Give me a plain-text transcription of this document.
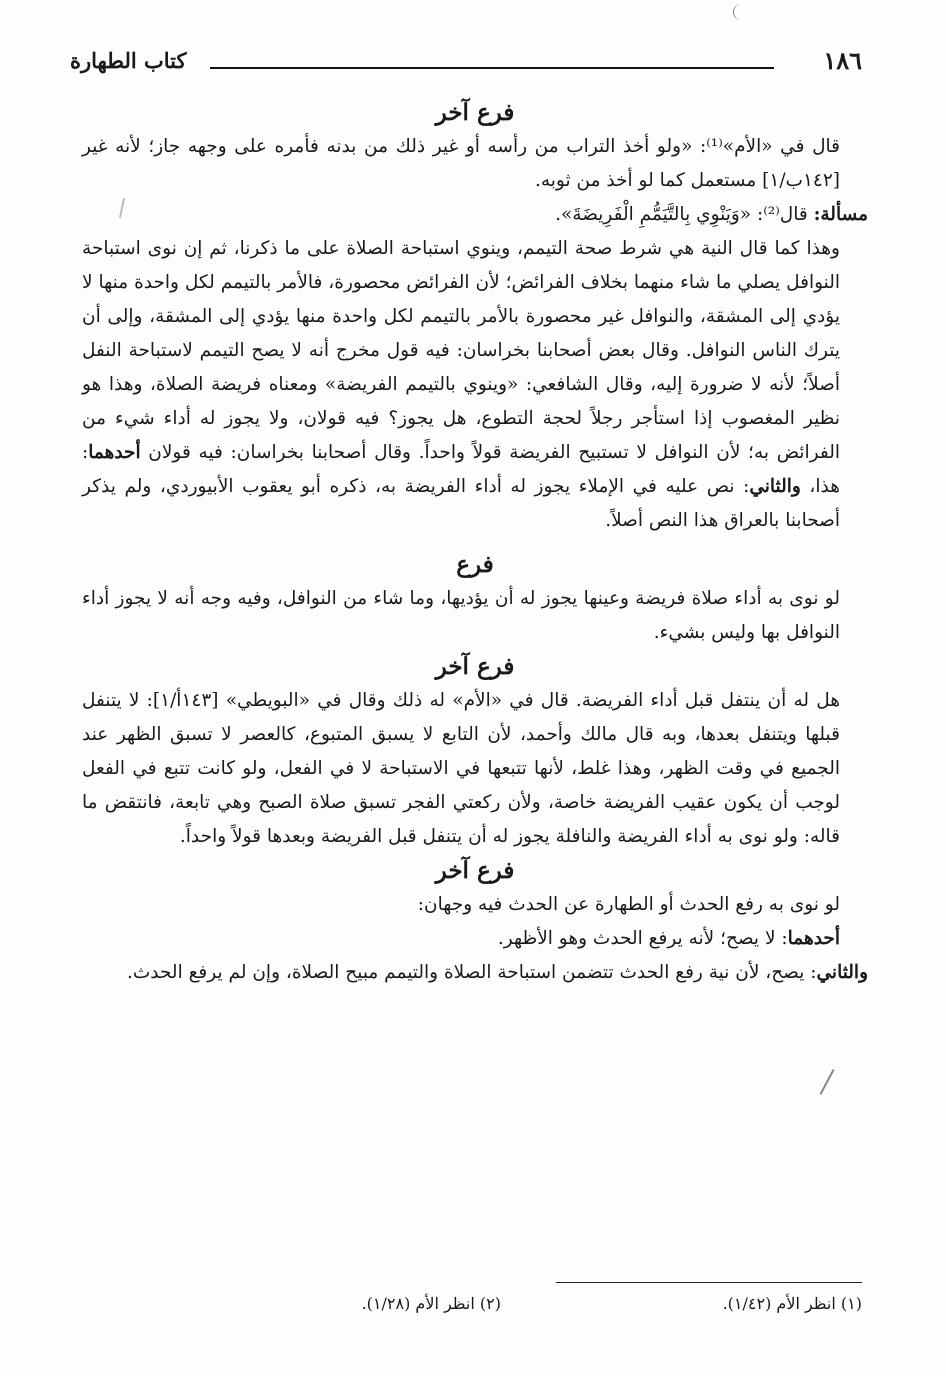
١٨٦
كتاب الطهارة
فرع آخر

قال في «الأم»⁽¹⁾: «ولو أخذ التراب من رأسه أو غير ذلك من بدنه فأمره على وجهه جاز؛ لأنه غير [١٤٢ب/١] مستعمل كما لو أخذ من ثوبه.

مسألة: قال⁽²⁾: «وَيَنْوِي بِالتَّيَمُّمِ الْفَرِيضَةَ».

وهذا كما قال النية هي شرط صحة التيمم، وينوي استباحة الصلاة على ما ذكرنا، ثم إن نوى استباحة النوافل يصلي ما شاء منهما بخلاف الفرائض؛ لأن الفرائض محصورة، فالأمر بالتيمم لكل واحدة منها لا يؤدي إلى المشقة، والنوافل غير محصورة بالأمر بالتيمم لكل واحدة منها يؤدي إلى المشقة، وإلى أن يترك الناس النوافل. وقال بعض أصحابنا بخراسان: فيه قول مخرج أنه لا يصح التيمم لاستباحة النفل أصلاً؛ لأنه لا ضرورة إليه، وقال الشافعي: «وينوي بالتيمم الفريضة» ومعناه فريضة الصلاة، وهذا هو نظير المغصوب إذا استأجر رجلاً لحجة التطوع، هل يجوز؟ فيه قولان، ولا يجوز له أداء شيء من الفرائض به؛ لأن النوافل لا تستبيح الفريضة قولاً واحداً. وقال أصحابنا بخراسان: فيه قولان أحدهما: هذا، والثاني: نص عليه في الإملاء يجوز له أداء الفريضة به، ذكره أبو يعقوب الأبيوردي، ولم يذكر أصحابنا بالعراق هذا النص أصلاً.

فرع

لو نوى به أداء صلاة فريضة وعينها يجوز له أن يؤديها، وما شاء من النوافل، وفيه وجه أنه لا يجوز أداء النوافل بها وليس بشيء.

فرع آخر

هل له أن ينتفل قبل أداء الفريضة. قال في «الأم» له ذلك وقال في «البويطي» [١٤٣أ/١]: لا يتنفل قبلها ويتنفل بعدها، وبه قال مالك وأحمد، لأن التابع لا يسبق المتبوع، كالعصر لا تسبق الظهر عند الجميع في وقت الظهر، وهذا غلط، لأنها تتبعها في الاستباحة لا في الفعل، ولو كانت تتبع في الفعل لوجب أن يكون عقيب الفريضة خاصة، ولأن ركعتي الفجر تسبق صلاة الصبح وهي تابعة، فانتقض ما قاله: ولو نوى به أداء الفريضة والنافلة يجوز له أن يتنفل قبل الفريضة وبعدها قولاً واحداً.

فرع آخر

لو نوى به رفع الحدث أو الطهارة عن الحدث فيه وجهان:

أحدهما: لا يصح؛ لأنه يرفع الحدث وهو الأظهر.

والثاني: يصح، لأن نية رفع الحدث تتضمن استباحة الصلاة والتيمم مبيح الصلاة، وإن لم يرفع الحدث.

(١) انظر الأم (١/٤٢).
(٢) انظر الأم (١/٢٨).
